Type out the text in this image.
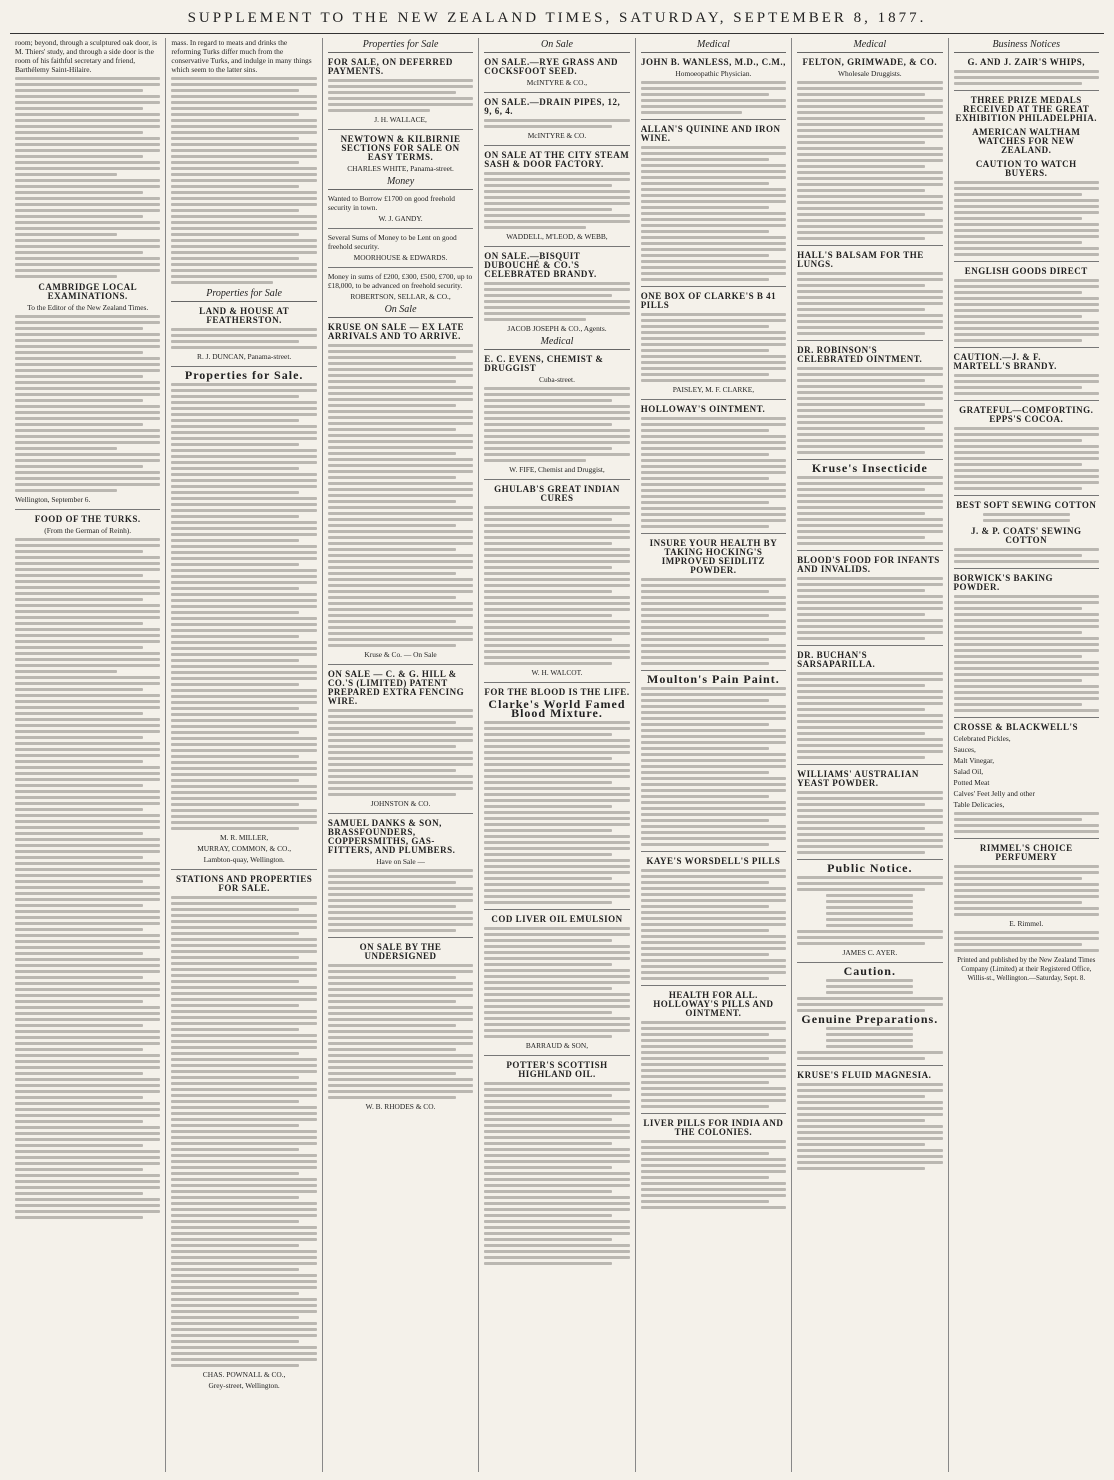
SUPPLEMENT TO THE NEW ZEALAND TIMES, SATURDAY, SEPTEMBER 8, 1877.
room; beyond, through a sculptured oak door, is M. Thiers' study, and through a side door is the room of his faithful secretary and friend, Barthélemy Saint-Hilaire.
CAMBRIDGE LOCAL EXAMINATIONS.
To the Editor of the New Zealand Times.
Wellington, September 6.
FOOD OF THE TURKS.
(From the German of Reinh).
mass. In regard to meats and drinks the reforming Turks differ much from the conservative Turks, and indulge in many things which seem to the latter sins.
Properties for Sale
LAND & HOUSE AT FEATHERSTON.
R. J. DUNCAN, Panama-street.
Properties for Sale.
M. R. MILLER,
MURRAY, COMMON, & CO.,
Lambton-quay, Wellington.
STATIONS AND PROPERTIES FOR SALE.
CHAS. POWNALL & CO.,
Grey-street, Wellington.
Properties for Sale
FOR SALE, ON DEFERRED PAYMENTS.
J. H. WALLACE,
NEWTOWN & KILBIRNIE SECTIONS FOR SALE ON EASY TERMS.
CHARLES WHITE, Panama-street.
Money
Wanted to Borrow £1700 on good freehold security in town.
W. J. GANDY.
Several Sums of Money to be Lent on good freehold security.
MOORHOUSE & EDWARDS.
Money in sums of £200, £300, £500, £700, up to £18,000, to be advanced on freehold security.
ROBERTSON, SELLAR, & CO.,
On Sale
KRUSE ON SALE — EX LATE ARRIVALS AND TO ARRIVE.
Kruse & Co. — On Sale
ON SALE — C. & G. HILL & CO.'S (LIMITED) PATENT PREPARED EXTRA FENCING WIRE.
JOHNSTON & CO.
SAMUEL DANKS & SON, BRASSFOUNDERS, COPPERSMITHS, GAS-FITTERS, AND PLUMBERS.
Have on Sale —
ON SALE BY THE UNDERSIGNED
W. B. RHODES & CO.
On Sale
ON SALE.—RYE GRASS AND COCKSFOOT SEED.
McINTYRE & CO.,
ON SALE.—DRAIN PIPES, 12, 9, 6, 4.
McINTYRE & CO.
ON SALE AT THE CITY STEAM SASH & DOOR FACTORY.
WADDELL, M'LEOD, & WEBB,
ON SALE.—BISQUIT DUBOUCHÉ & CO.'S CELEBRATED BRANDY.
JACOB JOSEPH & CO., Agents.
Medical
E. C. EVENS, CHEMIST & DRUGGIST
Cuba-street.
W. FIFE, Chemist and Druggist,
GHULAB'S GREAT INDIAN CURES
W. H. WALCOT.
FOR THE BLOOD IS THE LIFE.
Clarke's World Famed Blood Mixture.
COD LIVER OIL EMULSION
BARRAUD & SON,
POTTER'S SCOTTISH HIGHLAND OIL.
Medical
JOHN B. WANLESS, M.D., C.M.,
Homoeopathic Physician.
ALLAN'S QUININE AND IRON WINE.
ONE BOX OF CLARKE'S B 41 PILLS
PAISLEY, M. F. CLARKE,
HOLLOWAY'S OINTMENT.
INSURE YOUR HEALTH BY TAKING HOCKING'S IMPROVED SEIDLITZ POWDER.
Moulton's Pain Paint.
KAYE'S WORSDELL'S PILLS
HEALTH FOR ALL. HOLLOWAY'S PILLS AND OINTMENT.
LIVER PILLS FOR INDIA AND THE COLONIES.
Medical
FELTON, GRIMWADE, & CO.
Wholesale Druggists.
HALL'S BALSAM FOR THE LUNGS.
DR. ROBINSON'S CELEBRATED OINTMENT.
Kruse's Insecticide
BLOOD'S FOOD FOR INFANTS AND INVALIDS.
DR. BUCHAN'S SARSAPARILLA.
WILLIAMS' AUSTRALIAN YEAST POWDER.
Public Notice.
JAMES C. AYER.
Caution.
Genuine Preparations.
KRUSE'S FLUID MAGNESIA.
Business Notices
G. AND J. ZAIR'S WHIPS,
THREE PRIZE MEDALS RECEIVED AT THE GREAT EXHIBITION PHILADELPHIA.
AMERICAN WALTHAM WATCHES FOR NEW ZEALAND.
CAUTION TO WATCH BUYERS.
ENGLISH GOODS DIRECT
CAUTION.—J. & F. MARTELL'S BRANDY.
GRATEFUL—COMFORTING. EPPS'S COCOA.
BEST SOFT SEWING COTTON
J. & P. COATS' SEWING COTTON
BORWICK'S BAKING POWDER.
CROSSE & BLACKWELL'S
Celebrated Pickles,
Sauces,
Malt Vinegar,
Salad Oil,
Potted Meat
Calves' Feet Jelly and other
Table Delicacies,
RIMMEL'S CHOICE PERFUMERY
E. Rimmel.
Printed and published by the New Zealand Times Company (Limited) at their Registered Office, Willis-st., Wellington.—Saturday, Sept. 8.
